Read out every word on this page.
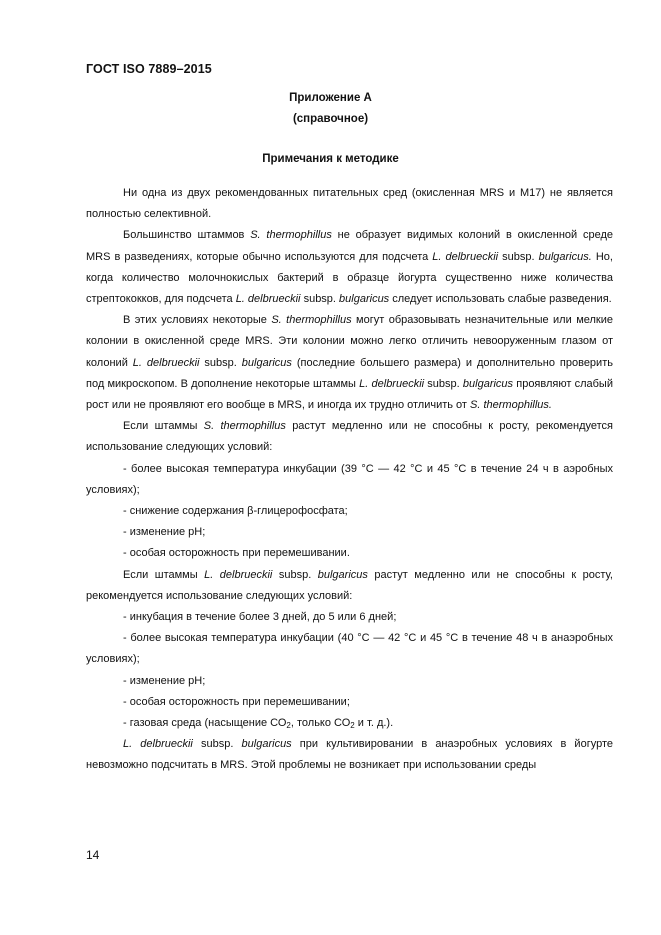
ГОСТ ISO 7889–2015
Приложение А
(справочное)
Примечания к методике

Ни одна из двух рекомендованных питательных сред (окисленная MRS и М17) не является полностью селективной.

Большинство штаммов S. thermophillus не образует видимых колоний в окисленной среде MRS в разведениях, которые обычно используются для подсчета L. delbrueckii subsp. bulgaricus. Но, когда количество молочнокислых бактерий в образце йогурта существенно ниже количества стрептококков, для подсчета L. delbrueckii subsp. bulgaricus следует использовать слабые разведения.

В этих условиях некоторые S. thermophillus могут образовывать незначительные или мелкие колонии в окисленной среде MRS. Эти колонии можно легко отличить невооруженным глазом от колоний L. delbrueckii subsp. bulgaricus (последние большего размера) и дополнительно проверить под микроскопом. В дополнение некоторые штаммы L. delbrueckii subsp. bulgaricus проявляют слабый рост или не проявляют его вообще в MRS, и иногда их трудно отличить от S. thermophillus.

Если штаммы S. thermophillus растут медленно или не способны к росту, рекомендуется использование следующих условий:

- более высокая температура инкубации (39 °С — 42 °С и 45 °С в течение 24 ч в аэробных условиях);

- снижение содержания β-глицерофосфата;

- изменение рН;

- особая осторожность при перемешивании.

Если штаммы L. delbrueckii subsp. bulgaricus растут медленно или не способны к росту, рекомендуется использование следующих условий:

- инкубация в течение более 3 дней, до 5 или 6 дней;

- более высокая температура инкубации (40 °С — 42 °С и 45 °С в течение 48 ч в анаэробных условиях);

- изменение рН;

- особая осторожность при перемешивании;

- газовая среда (насыщение $СО_2$, только $СО_2$ и т. д.).

L. delbrueckii subsp. bulgaricus при культивировании в анаэробных условиях в йогурте невозможно подсчитать в MRS. Этой проблемы не возникает при использовании среды

14
